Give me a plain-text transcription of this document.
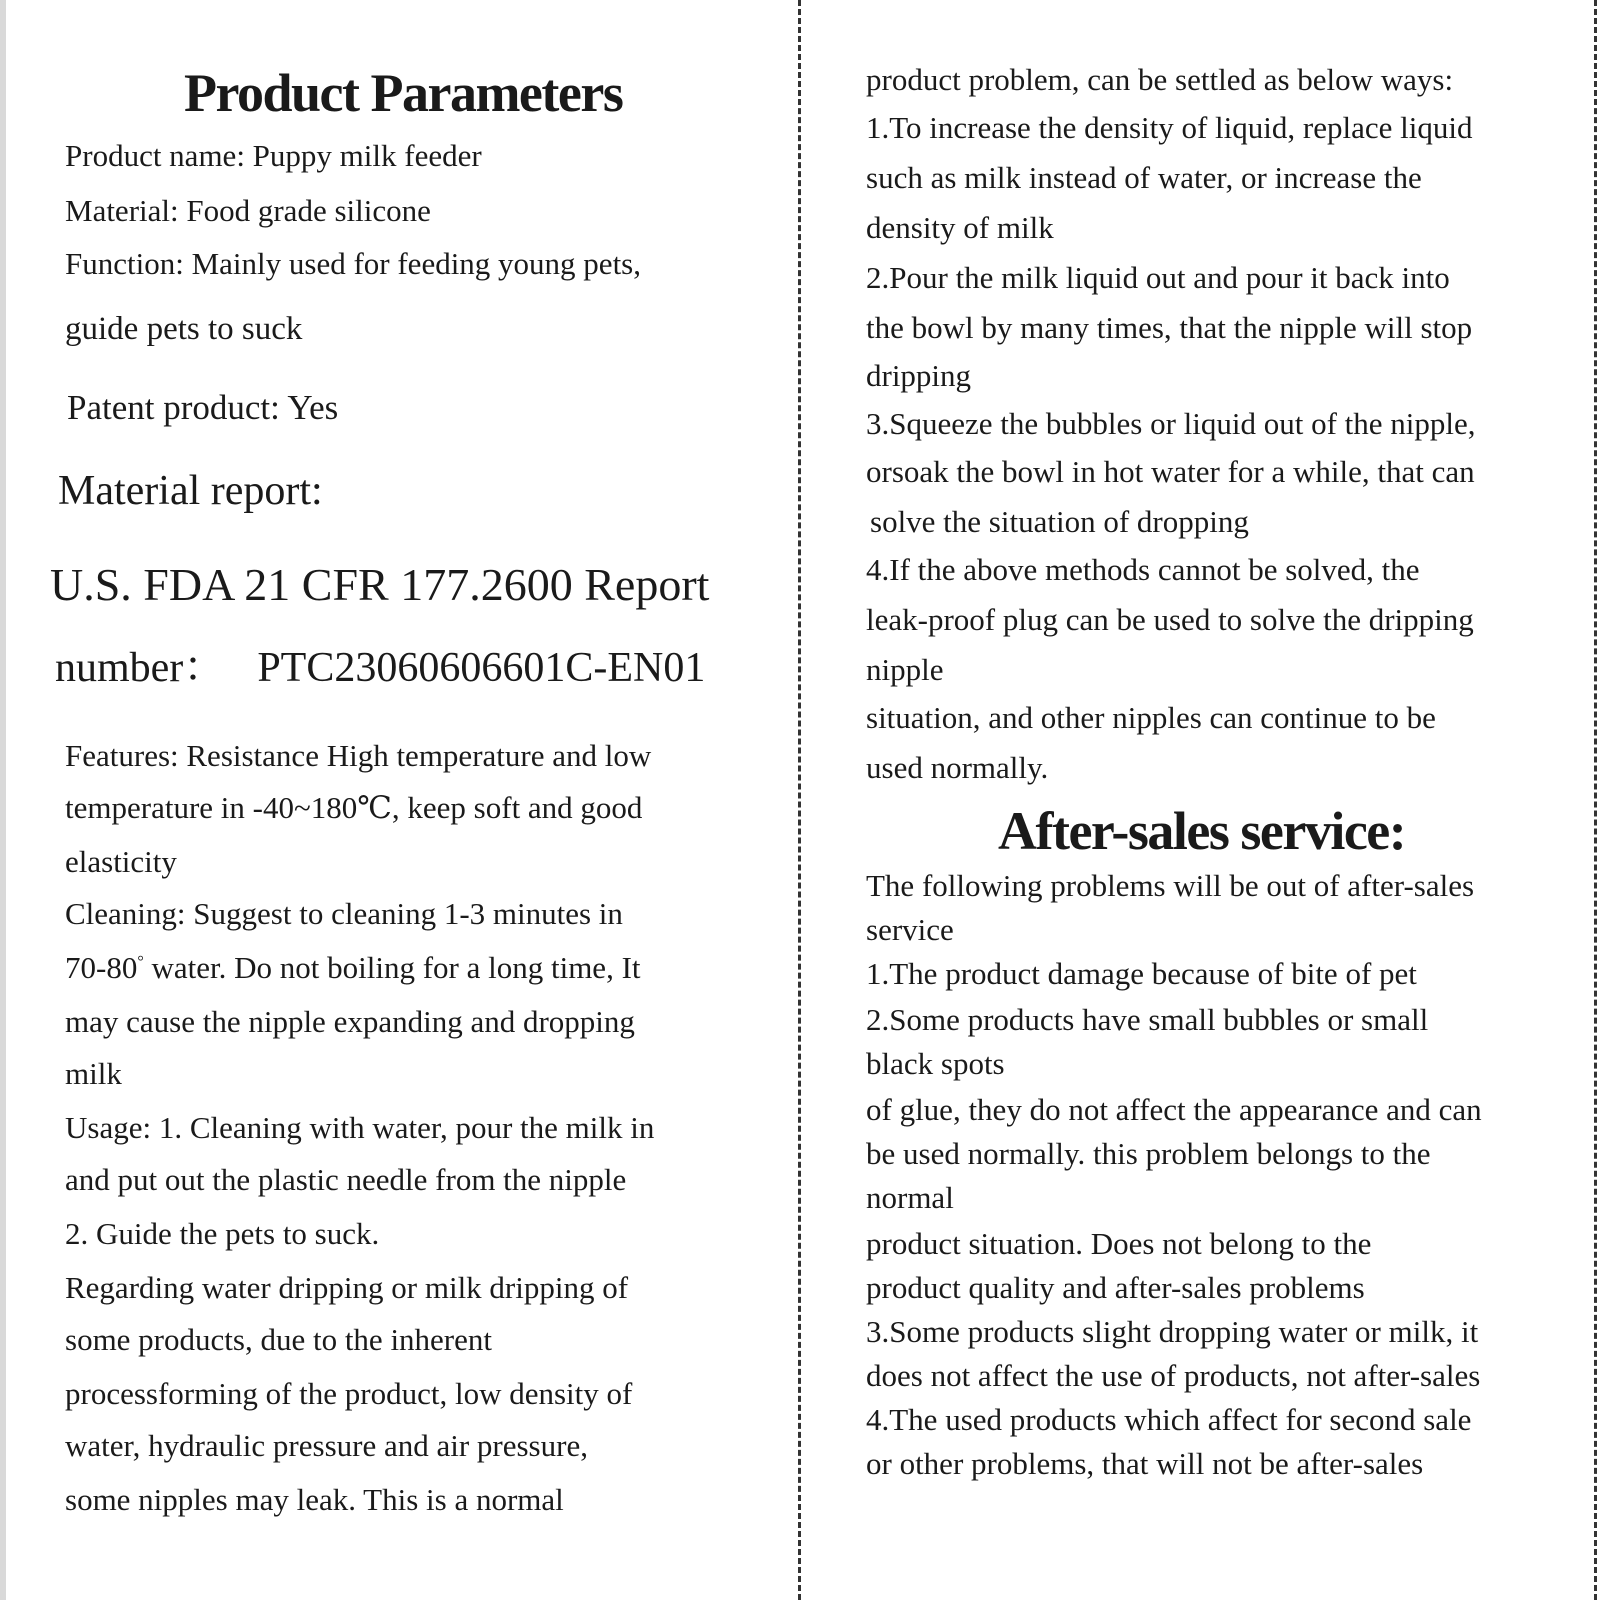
Product Parameters
Product name: Puppy milk feeder
Material: Food grade silicone
Function: Mainly used for feeding young pets,
guide pets to suck
Patent product: Yes
Material report:
U.S. FDA 21 CFR 177.2600 Report
number： PTC23060606601C-EN01
Features: Resistance High temperature and low
temperature in -40~180℃, keep soft and good
elasticity
Cleaning: Suggest to cleaning 1-3 minutes in
70-80° water. Do not boiling for a long time, It
may cause the nipple expanding and dropping
milk
Usage: 1. Cleaning with water, pour the milk in
and put out the plastic needle from the nipple
2. Guide the pets to suck.
Regarding water dripping or milk dripping of
some products, due to the inherent
processforming of the product, low density of
water, hydraulic pressure and air pressure,
some nipples may leak. This is a normal
product problem, can be settled as below ways:
1.To increase the density of liquid, replace liquid
such as milk instead of water, or increase the
density of milk
2.Pour the milk liquid out and pour it back into
the bowl by many times, that the nipple will stop
dripping
3.Squeeze the bubbles or liquid out of the nipple,
orsoak the bowl in hot water for a while, that can
solve the situation of dropping
4.If the above methods cannot be solved, the
leak-proof plug can be used to solve the dripping
nipple
situation, and other nipples can continue to be
used normally.
After-sales service:
The following problems will be out of after-sales
service
1.The product damage because of bite of pet
2.Some products have small bubbles or small
black spots
of glue, they do not affect the appearance and can
be used normally. this problem belongs to the
normal
product situation. Does not belong to the
product quality and after-sales problems
3.Some products slight dropping water or milk, it
does not affect the use of products, not after-sales
4.The used products which affect for second sale
or other problems, that will not be after-sales
